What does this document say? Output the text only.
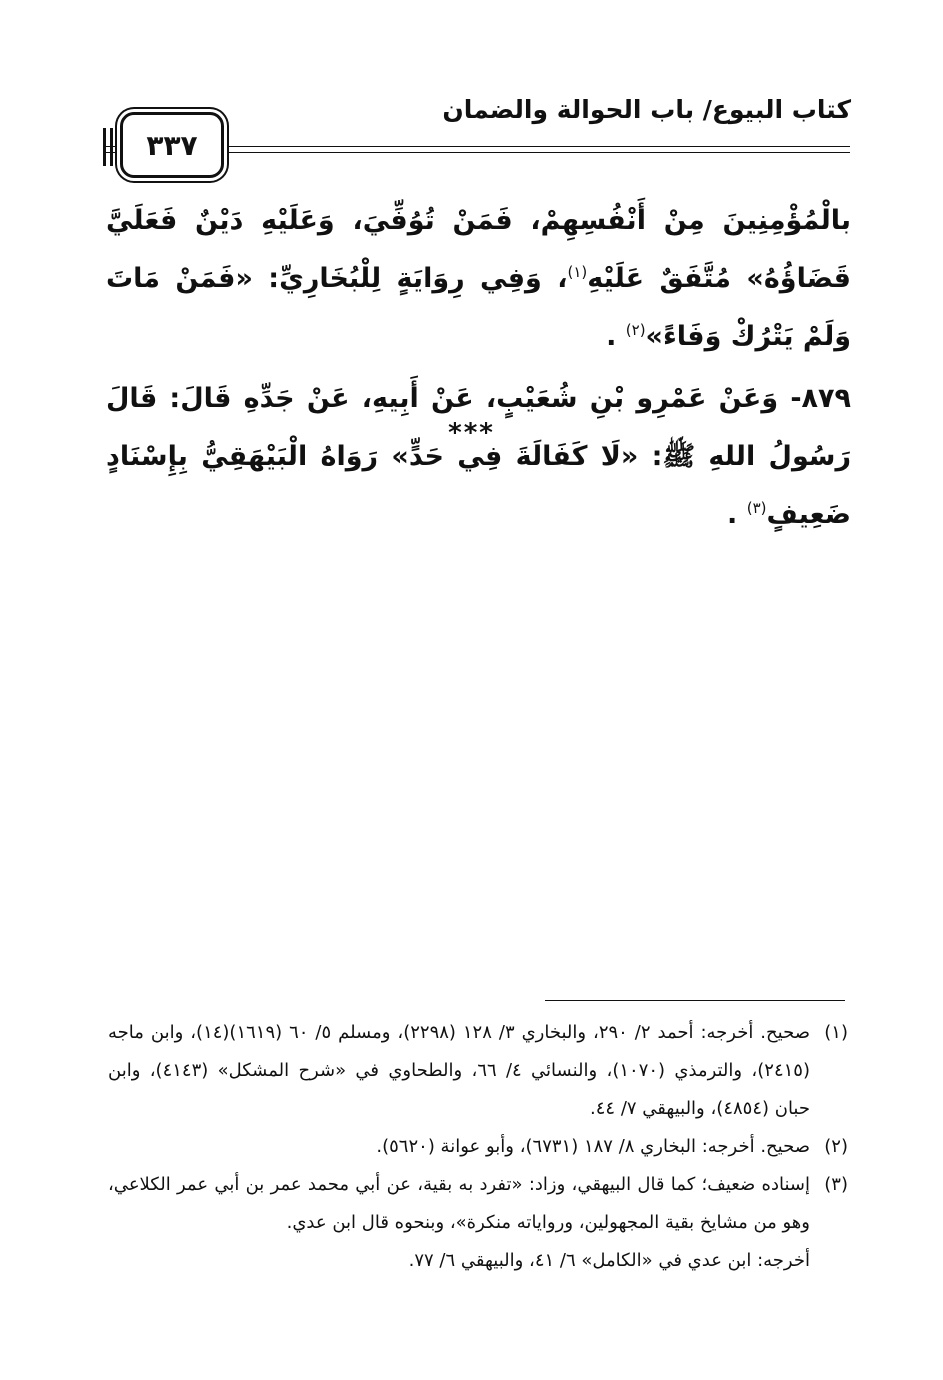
كتاب البيوع/ باب الحوالة والضمان
٣٣٧

بالْمُؤْمِنِينَ مِنْ أَنْفُسِهِمْ، فَمَنْ تُوُفِّيَ، وَعَلَيْهِ دَيْنٌ فَعَلَيَّ قَضَاؤُهُ» مُتَّفَقٌ عَلَيْهِ$^{(١)}$، وَفِي رِوَايَةٍ لِلْبُخَارِيِّ: «فَمَنْ مَاتَ وَلَمْ يَتْرُكْ وَفَاءً»$^{(٢)}$ .

٨٧٩- وَعَنْ عَمْرِو بْنِ شُعَيْبٍ، عَنْ أَبِيهِ، عَنْ جَدِّهِ قَالَ: قَالَ رَسُولُ اللهِ ﷺ: «لَا كَفَالَةَ فِي حَدٍّ» رَوَاهُ الْبَيْهَقِيُّ بِإِسْنَادٍ ضَعِيفٍ$^{(٣)}$ .

***

(١)
صحيح. أخرجه: أحمد ٢/ ٢٩٠، والبخاري ٣/ ١٢٨ (٢٢٩٨)، ومسلم ٥/ ٦٠ (١٦١٩)(١٤)، وابن ماجه (٢٤١٥)، والترمذي (١٠٧٠)، والنسائي ٤/ ٦٦، والطحاوي في «شرح المشكل» (٤١٤٣)، وابن حبان (٤٨٥٤)، والبيهقي ٧/ ٤٤.

(٢)
صحيح. أخرجه: البخاري ٨/ ١٨٧ (٦٧٣١)، وأبو عوانة (٥٦٢٠).

(٣)
إسناده ضعيف؛ كما قال البيهقي، وزاد: «تفرد به بقية، عن أبي محمد عمر بن أبي عمر الكلاعي، وهو من مشايخ بقية المجهولين، ورواياته منكرة»، وبنحوه قال ابن عدي.

أخرجه: ابن عدي في «الكامل» ٦/ ٤١، والبيهقي ٦/ ٧٧.
